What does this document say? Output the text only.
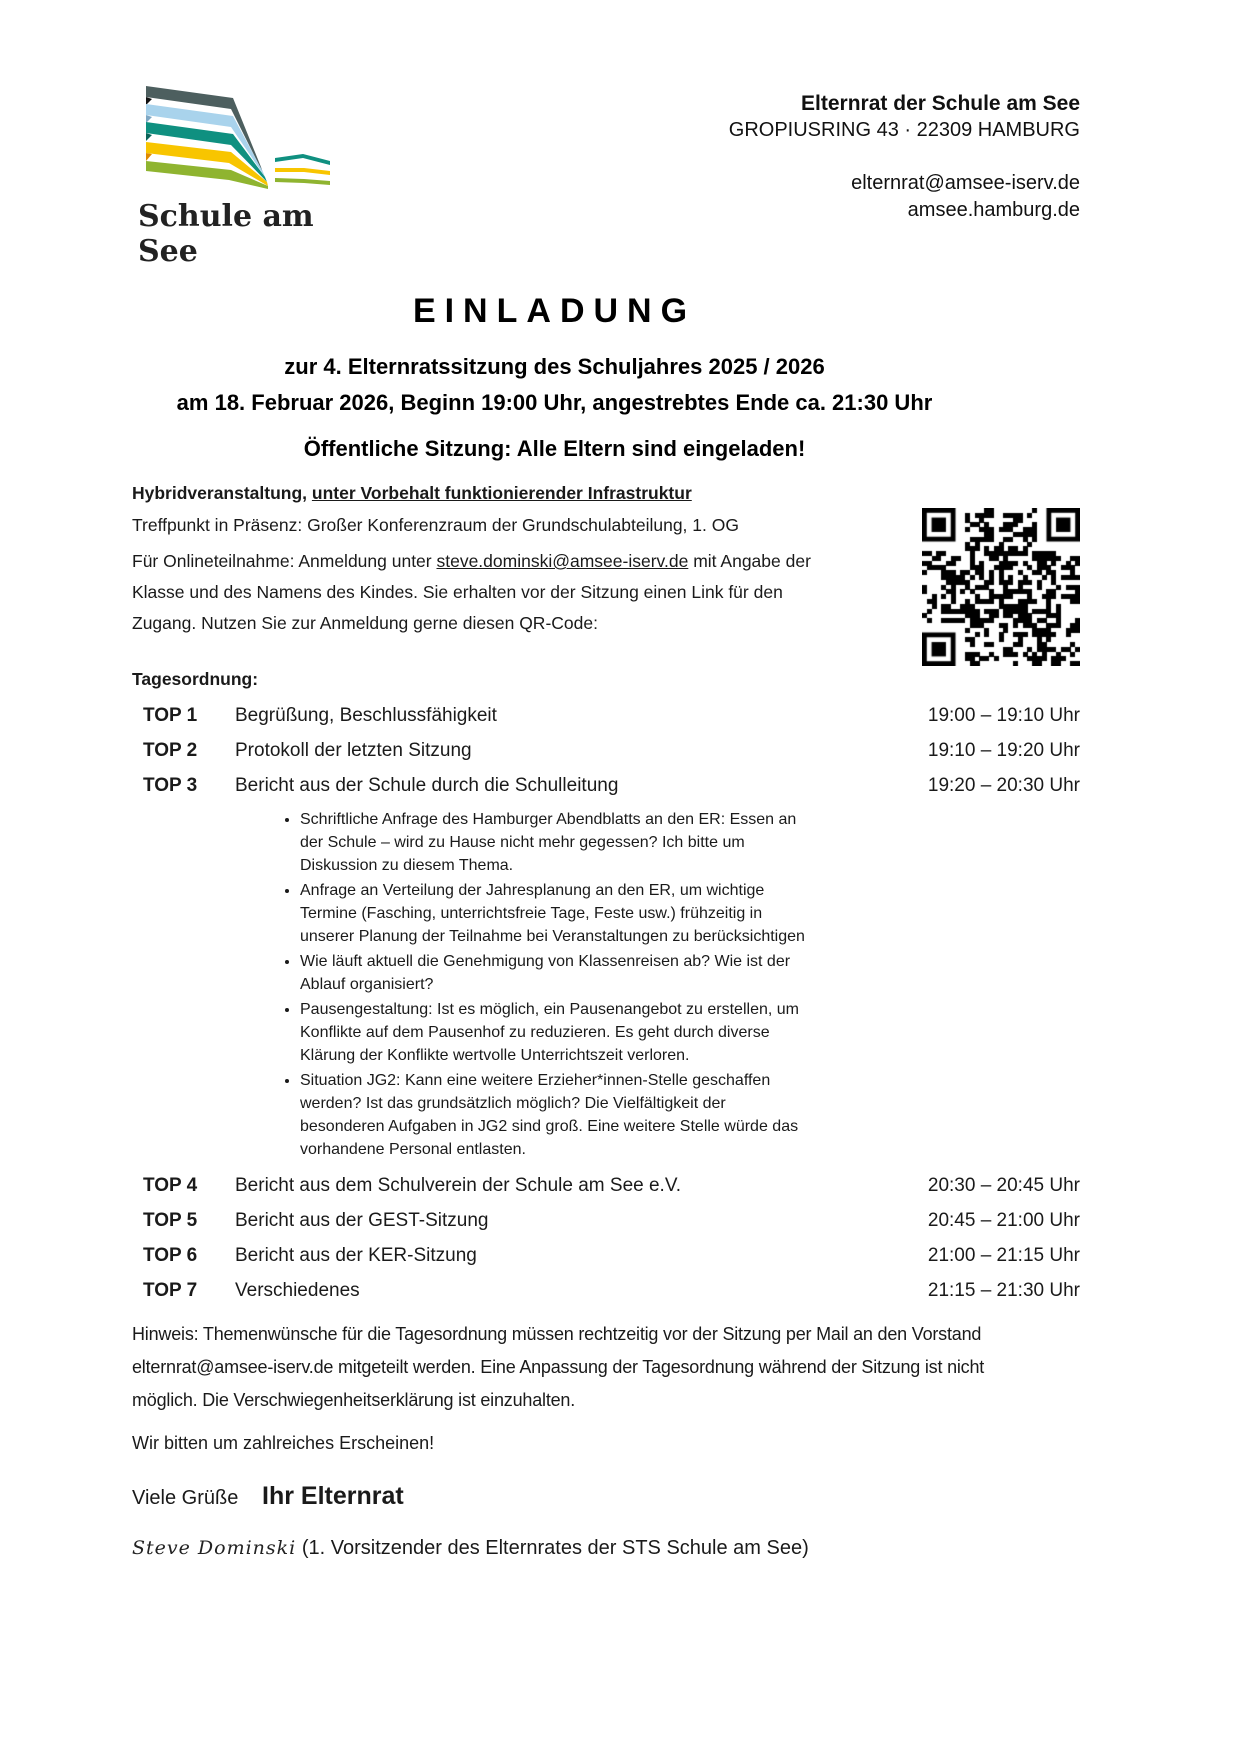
Schule am See
Elternrat der Schule am See
GROPIUSRING 43 · 22309 HAMBURG
elternrat@amsee-iserv.de
amsee.hamburg.de
EINLADUNG
zur 4. Elternratssitzung des Schuljahres 2025 / 2026
am 18. Februar 2026, Beginn 19:00 Uhr, angestrebtes Ende ca. 21:30 Uhr
Öffentliche Sitzung: Alle Eltern sind eingeladen!

Hybridveranstaltung, unter Vorbehalt funktionierender Infrastruktur

Treffpunkt in Präsenz: Großer Konferenzraum der Grundschulabteilung, 1. OG

Für Onlineteilnahme: Anmeldung unter steve.dominski@amsee-iserv.de mit Angabe der Klasse und des Namens des Kindes. Sie erhalten vor der Sitzung einen Link für den Zugang. Nutzen Sie zur Anmeldung gerne diesen QR-Code:

Tagesordnung:
TOP 1	Begrüßung, Beschlussfähigkeit	19:00 – 19:10 Uhr
TOP 2	Protokoll der letzten Sitzung	19:10 – 19:20 Uhr
TOP 3	Bericht aus der Schule durch die Schulleitung	19:20 – 20:30 Uhr
• Schriftliche Anfrage des Hamburger Abendblatts an den ER: Essen an der Schule – wird zu Hause nicht mehr gegessen? Ich bitte um Diskussion zu diesem Thema.
• Anfrage an Verteilung der Jahresplanung an den ER, um wichtige Termine (Fasching, unterrichtsfreie Tage, Feste usw.) frühzeitig in unserer Planung der Teilnahme bei Veranstaltungen zu berücksichtigen
• Wie läuft aktuell die Genehmigung von Klassenreisen ab? Wie ist der Ablauf organisiert?
• Pausengestaltung: Ist es möglich, ein Pausenangebot zu erstellen, um Konflikte auf dem Pausenhof zu reduzieren. Es geht durch diverse Klärung der Konflikte wertvolle Unterrichtszeit verloren.
• Situation JG2: Kann eine weitere Erzieher*innen-Stelle geschaffen werden? Ist das grundsätzlich möglich? Die Vielfältigkeit der besonderen Aufgaben in JG2 sind groß. Eine weitere Stelle würde das vorhandene Personal entlasten.
TOP 4	Bericht aus dem Schulverein der Schule am See e.V.	20:30 – 20:45 Uhr
TOP 5	Bericht aus der GEST-Sitzung	20:45 – 21:00 Uhr
TOP 6	Bericht aus der KER-Sitzung	21:00 – 21:15 Uhr
TOP 7	Verschiedenes	21:15 – 21:30 Uhr
Hinweis: Themenwünsche für die Tagesordnung müssen rechtzeitig vor der Sitzung per Mail an den Vorstand
elternrat@amsee-iserv.de mitgeteilt werden. Eine Anpassung der Tagesordnung während der Sitzung ist nicht
möglich. Die Verschwiegenheitserklärung ist einzuhalten.
Wir bitten um zahlreiches Erscheinen!
Viele Grüße Ihr Elternrat
Steve Dominski (1. Vorsitzender des Elternrates der STS Schule am See)
